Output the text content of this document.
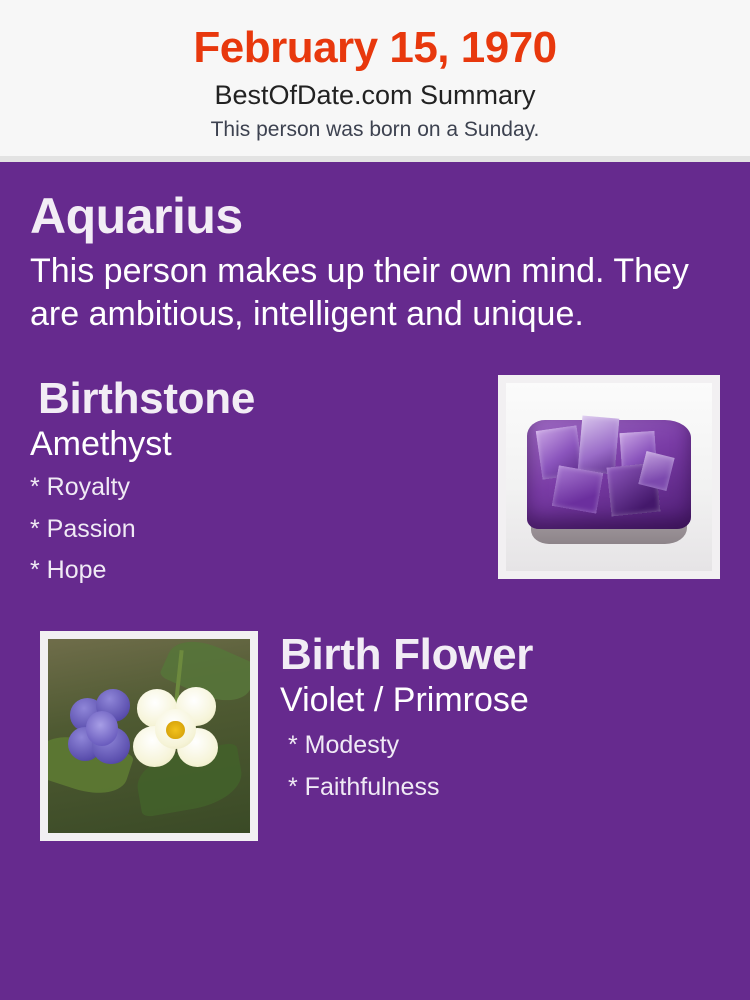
February 15, 1970
BestOfDate.com Summary
This person was born on a Sunday.
Aquarius
This person makes up their own mind. They are ambitious, intelligent and unique.
Birthstone
Amethyst
* Royalty
* Passion
* Hope
Birth Flower
Violet / Primrose
* Modesty
* Faithfulness
